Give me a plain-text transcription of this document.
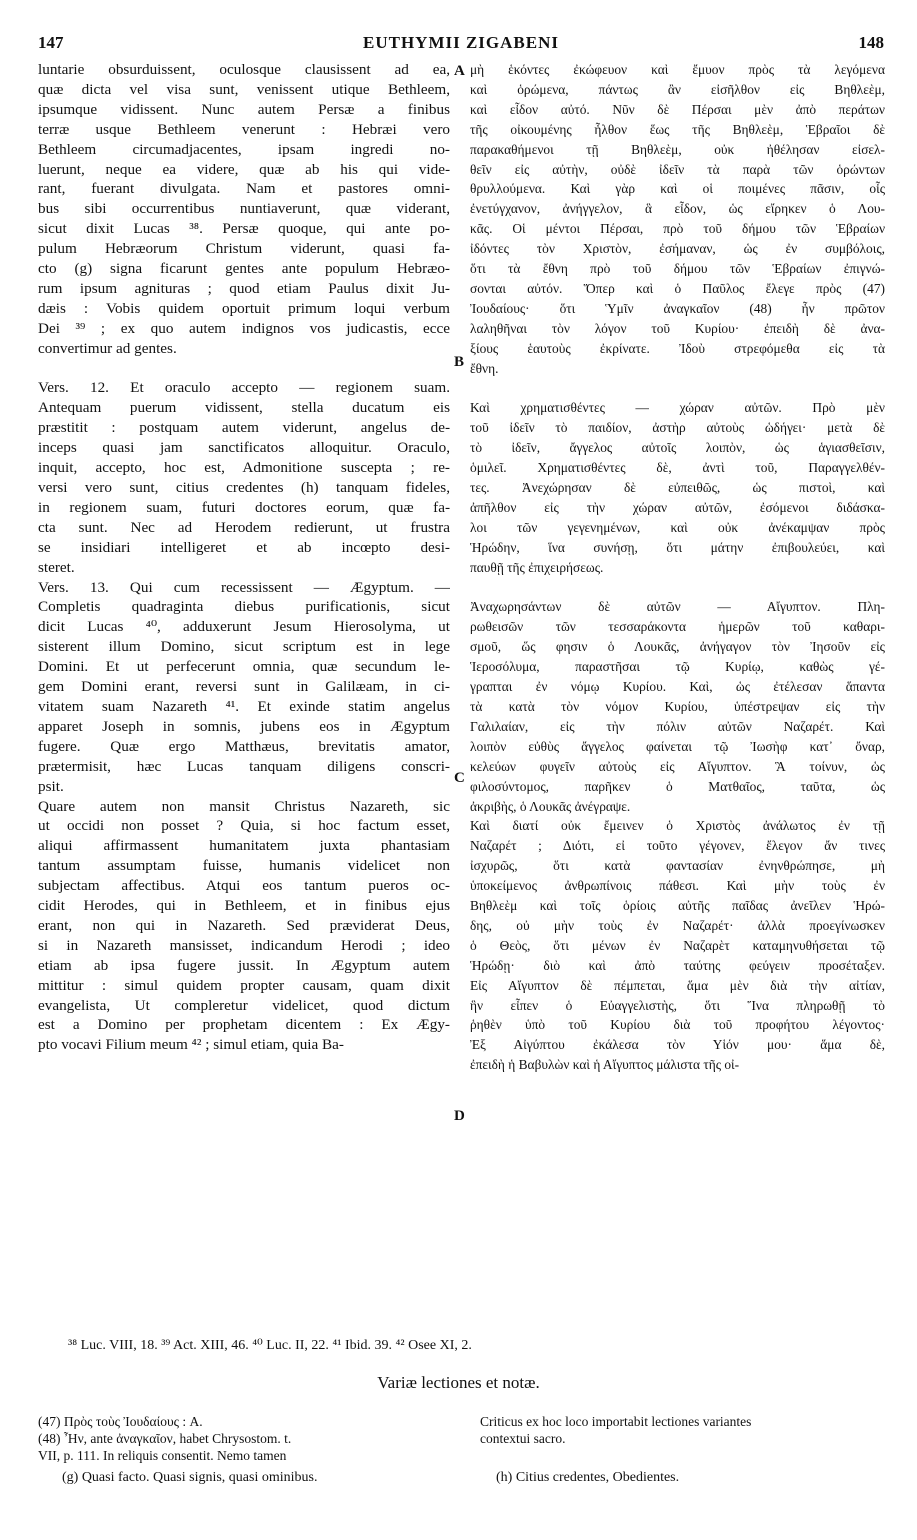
147	EUTHYMII ZIGABENI	148
A
B
C
D
luntarie obsurduissent, oculosque clausissent ad ea,
quæ dicta vel visa sunt, venissent utique Bethleem,
ipsumque vidissent. Nunc autem Persæ a finibus
terræ usque Bethleem venerunt : Hebræi vero
Bethleem circumadjacentes, ipsam ingredi no-
luerunt, neque ea videre, quæ ab his qui vide-
rant, fuerant divulgata. Nam et pastores omni-
bus sibi occurrentibus nuntiaverunt, quæ viderant,
sicut dixit Lucas ³⁸. Persæ quoque, qui ante po-
pulum Hebræorum Christum viderunt, quasi fa-
cto (g) signa ficarunt gentes ante populum Hebræo-
rum ipsum agnituras ; quod etiam Paulus dixit Ju-
dæis : Vobis quidem oportuit primum loqui verbum
Dei ³⁹ ; ex quo autem indignos vos judicastis, ecce
convertimur ad gentes.
Vers. 12. Et oraculo accepto — regionem suam.
Antequam puerum vidissent, stella ducatum eis
præstitit : postquam autem viderunt, angelus de-
inceps quasi jam sanctificatos alloquitur. Oraculo,
inquit, accepto, hoc est, Admonitione suscepta ; re-
versi vero sunt, citius credentes (h) tanquam fideles,
in regionem suam, futuri doctores eorum, quæ fa-
cta sunt. Nec ad Herodem redierunt, ut frustra
se insidiari intelligeret et ab incœpto desi-
steret.
Vers. 13. Qui cum recessissent — Ægyptum. —
Completis quadraginta diebus purificationis, sicut
dicit Lucas ⁴⁰, adduxerunt Jesum Hierosolyma, ut
sisterent illum Domino, sicut scriptum est in lege
Domini. Et ut perfecerunt omnia, quæ secundum le-
gem Domini erant, reversi sunt in Galilæam, in ci-
vitatem suam Nazareth ⁴¹. Et exinde statim angelus
apparet Joseph in somnis, jubens eos in Ægyptum
fugere. Quæ ergo Matthæus, brevitatis amator,
prætermisit, hæc Lucas tanquam diligens conscri-
psit.
Quare autem non mansit Christus Nazareth, sic
ut occidi non posset ? Quia, si hoc factum esset,
aliqui affirmassent humanitatem juxta phantasiam
tantum assumptam fuisse, humanis videlicet non
subjectam affectibus. Atqui eos tantum pueros oc-
cidit Herodes, qui in Bethleem, et in finibus ejus
erant, non qui in Nazareth. Sed præviderat Deus,
si in Nazareth mansisset, indicandum Herodi ; ideo
etiam ab ipsa fugere jussit. In Ægyptum autem
mittitur : simul quidem propter causam, quam dixit
evangelista, Ut compleretur videlicet, quod dictum
est a Domino per prophetam dicentem : Ex Ægy-
pto vocavi Filium meum ⁴² ; simul etiam, quia Ba-
μὴ ἑκόντες ἐκώφευον καὶ ἔμυον πρὸς τὰ λεγόμενα
καὶ ὁρώμενα, πάντως ἂν εἰσῆλθον εἰς Βηθλεὲμ,
καὶ εἶδον αὐτό. Νῦν δὲ Πέρσαι μὲν ἀπὸ περάτων
τῆς οἰκουμένης ἦλθον ἕως τῆς Βηθλεὲμ, Ἑβραῖοι δὲ
παρακαθήμενοι τῇ Βηθλεὲμ, οὐκ ἠθέλησαν εἰσελ-
θεῖν εἰς αὐτὴν, οὐδὲ ἰδεῖν τὰ παρὰ τῶν ὁρώντων
θρυλλούμενα. Καὶ γὰρ καὶ οἱ ποιμένες πᾶσιν, οἷς
ἐνετύγχανον, ἀνήγγελον, ἃ εἶδον, ὡς εἴρηκεν ὁ Λου-
κᾶς. Οἱ μέντοι Πέρσαι, πρὸ τοῦ δήμου τῶν Ἑβραίων
ἰδόντες τὸν Χριστὸν, ἐσήμαναν, ὡς ἐν συμβόλοις,
ὅτι τὰ ἔθνη πρὸ τοῦ δήμου τῶν Ἑβραίων ἐπιγνώ-
σονται αὐτόν. Ὅπερ καὶ ὁ Παῦλος ἔλεγε πρὸς (47)
Ἰουδαίους· ὅτι Ὑμῖν ἀναγκαῖον (48) ἦν πρῶτον
λαληθῆναι τὸν λόγον τοῦ Κυρίου· ἐπειδὴ δὲ ἀνα-
ξίους ἑαυτοὺς ἐκρίνατε. Ἰδοὺ στρεφόμεθα εἰς τὰ
ἔθνη.
Καὶ χρηματισθέντες — χώραν αὐτῶν. Πρὸ μὲν
τοῦ ἰδεῖν τὸ παιδίον, ἀστὴρ αὐτοὺς ὡδήγει· μετὰ δὲ
τὸ ἰδεῖν, ἄγγελος αὐτοῖς λοιπὸν, ὡς ἁγιασθεῖσιν,
ὁμιλεῖ. Χρηματισθέντες δὲ, ἀντὶ τοῦ, Παραγγελθέν-
τες. Ἀνεχώρησαν δὲ εὐπειθῶς, ὡς πιστοὶ, καὶ
ἀπῆλθον εἰς τὴν χώραν αὐτῶν, ἐσόμενοι διδάσκα-
λοι τῶν γεγενημένων, καὶ οὐκ ἀνέκαμψαν πρὸς
Ἡρώδην, ἵνα συνήσῃ, ὅτι μάτην ἐπιβουλεύει, καὶ
παυθῇ τῆς ἐπιχειρήσεως.
Ἀναχωρησάντων δὲ αὐτῶν — Αἴγυπτον. Πλη-
ρωθεισῶν τῶν τεσσαράκοντα ἡμερῶν τοῦ καθαρι-
σμοῦ, ὥς φησιν ὁ Λουκᾶς, ἀνήγαγον τὸν Ἰησοῦν εἰς
Ἱεροσόλυμα, παραστῆσαι τῷ Κυρίῳ, καθὼς γέ-
γραπται ἐν νόμῳ Κυρίου. Καὶ, ὡς ἐτέλεσαν ἅπαντα
τὰ κατὰ τὸν νόμον Κυρίου, ὑπέστρεψαν εἰς τὴν
Γαλιλαίαν, εἰς τὴν πόλιν αὐτῶν Ναζαρέτ. Καὶ
λοιπὸν εὐθὺς ἄγγελος φαίνεται τῷ Ἰωσὴφ κατ᾿ ὄναρ,
κελεύων φυγεῖν αὐτοὺς εἰς Αἴγυπτον. Ἃ τοίνυν, ὡς
φιλοσύντομος, παρῆκεν ὁ Ματθαῖος, ταῦτα, ὡς
ἀκριβὴς, ὁ Λουκᾶς ἀνέγραψε.
Καὶ διατί οὐκ ἔμεινεν ὁ Χριστὸς ἀνάλωτος ἐν τῇ
Ναζαρέτ ; Διότι, εἰ τοῦτο γέγονεν, ἔλεγον ἄν τινες
ἰσχυρῶς, ὅτι κατὰ φαντασίαν ἐνηνθρώπησε, μὴ
ὑποκείμενος ἀνθρωπίνοις πάθεσι. Καὶ μὴν τοὺς ἐν
Βηθλεὲμ καὶ τοῖς ὁρίοις αὐτῆς παῖδας ἀνεῖλεν Ἡρώ-
δης, οὐ μὴν τοὺς ἐν Ναζαρέτ· ἀλλὰ προεγίνωσκεν
ὁ Θεὸς, ὅτι μένων ἐν Ναζαρὲτ καταμηνυθήσεται τῷ
Ἡρώδῃ· διὸ καὶ ἀπὸ ταύτης φεύγειν προσέταξεν.
Εἰς Αἴγυπτον δὲ πέμπεται, ἅμα μὲν διὰ τὴν αἰτίαν,
ἣν εἶπεν ὁ Εὐαγγελιστὴς, ὅτι Ἵνα πληρωθῇ τὸ
ῥηθὲν ὑπὸ τοῦ Κυρίου διὰ τοῦ προφήτου λέγοντος·
Ἐξ Αἰγύπτου ἐκάλεσα τὸν Υἱόν μου· ἅμα δὲ,
ἐπειδὴ ἡ Βαβυλὼν καὶ ἡ Αἴγυπτος μάλιστα τῆς οἰ-
³⁸ Luc. VIII, 18. ³⁹ Act. XIII, 46. ⁴⁰ Luc. II, 22. ⁴¹ Ibid. 39. ⁴² Osee XI, 2.
Variæ lectiones et notæ.
(47) Πρὸς τοὺς Ἰουδαίους : A.
(48) Ἦν, ante ἀναγκαῖον, habet Chrysostom. t.
VII, p. 111. In reliquis consentit. Nemo tamen
Criticus ex hoc loco importabit lectiones variantes
contextui sacro.
(g) Quasi facto. Quasi signis, quasi ominibus.	(h) Citius credentes, Obedientes.
